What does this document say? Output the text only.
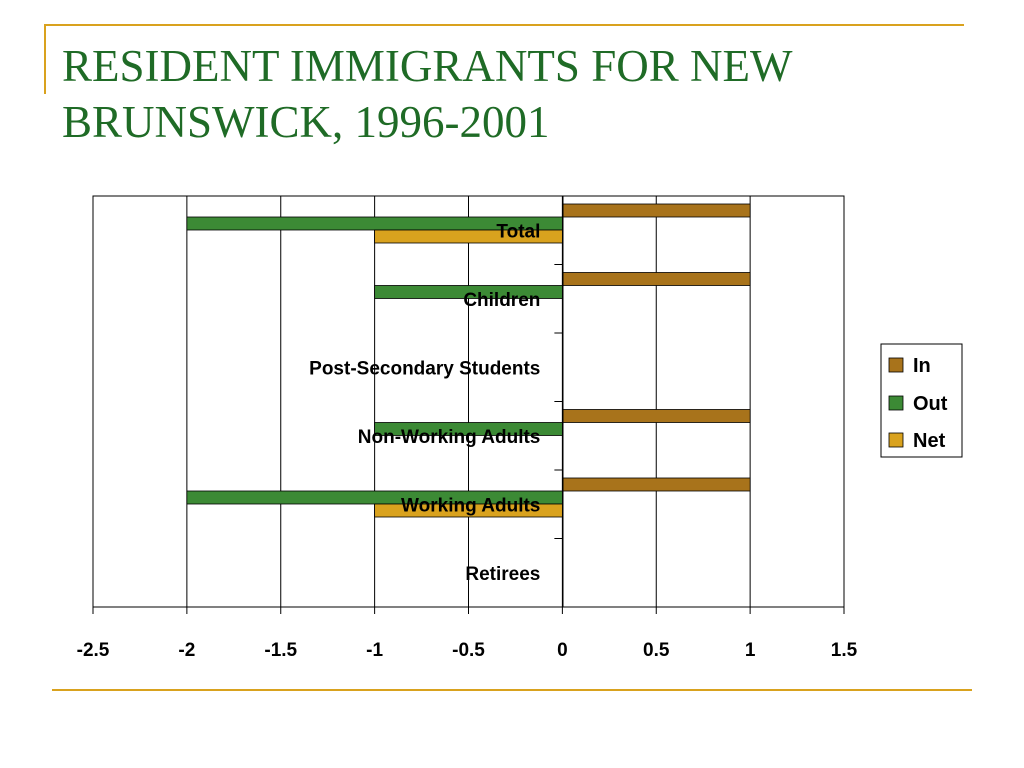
RESIDENT IMMIGRANTS FOR NEW BRUNSWICK, 1996-2001
Total
Children
Post-Secondary Students
Non-Working Adults
Working Adults
Retirees
-2.5	-2	-1.5	-1	-0.5	0	0.5	1	1.5
In
Out
Net
